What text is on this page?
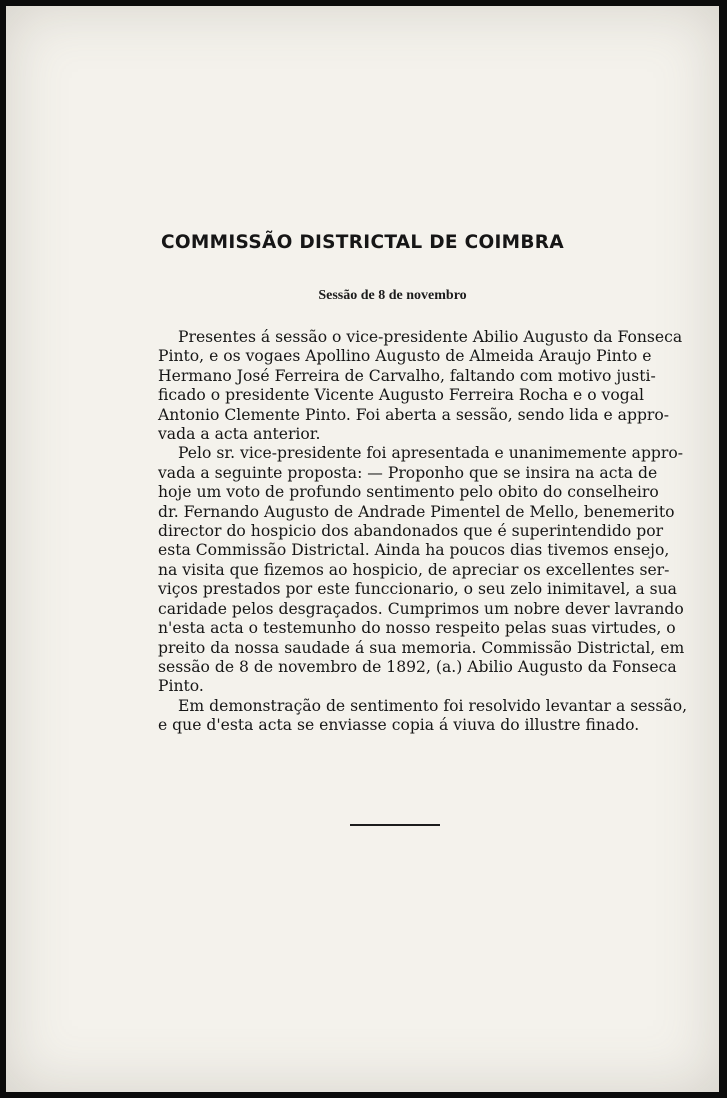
COMMISSÃO DISTRICTAL DE COIMBRA
Sessão de 8 de novembro
Presentes á sessão o vice-presidente Abilio Augusto da Fonseca
Pinto, e os vogaes Apollino Augusto de Almeida Araujo Pinto e
Hermano José Ferreira de Carvalho, faltando com motivo justi-
ficado o presidente Vicente Augusto Ferreira Rocha e o vogal
Antonio Clemente Pinto. Foi aberta a sessão, sendo lida e appro-
vada a acta anterior.
Pelo sr. vice-presidente foi apresentada e unanimemente appro-
vada a seguinte proposta: — Proponho que se insira na acta de
hoje um voto de profundo sentimento pelo obito do conselheiro
dr. Fernando Augusto de Andrade Pimentel de Mello, benemerito
director do hospicio dos abandonados que é superintendido por
esta Commissão Districtal. Ainda ha poucos dias tivemos ensejo,
na visita que fizemos ao hospicio, de apreciar os excellentes ser-
viços prestados por este funccionario, o seu zelo inimitavel, a sua
caridade pelos desgraçados. Cumprimos um nobre dever lavrando
n'esta acta o testemunho do nosso respeito pelas suas virtudes, o
preito da nossa saudade á sua memoria. Commissão Districtal, em
sessão de 8 de novembro de 1892, (a.) Abilio Augusto da Fonseca
Pinto.
Em demonstração de sentimento foi resolvido levantar a sessão,
e que d'esta acta se enviasse copia á viuva do illustre finado.
